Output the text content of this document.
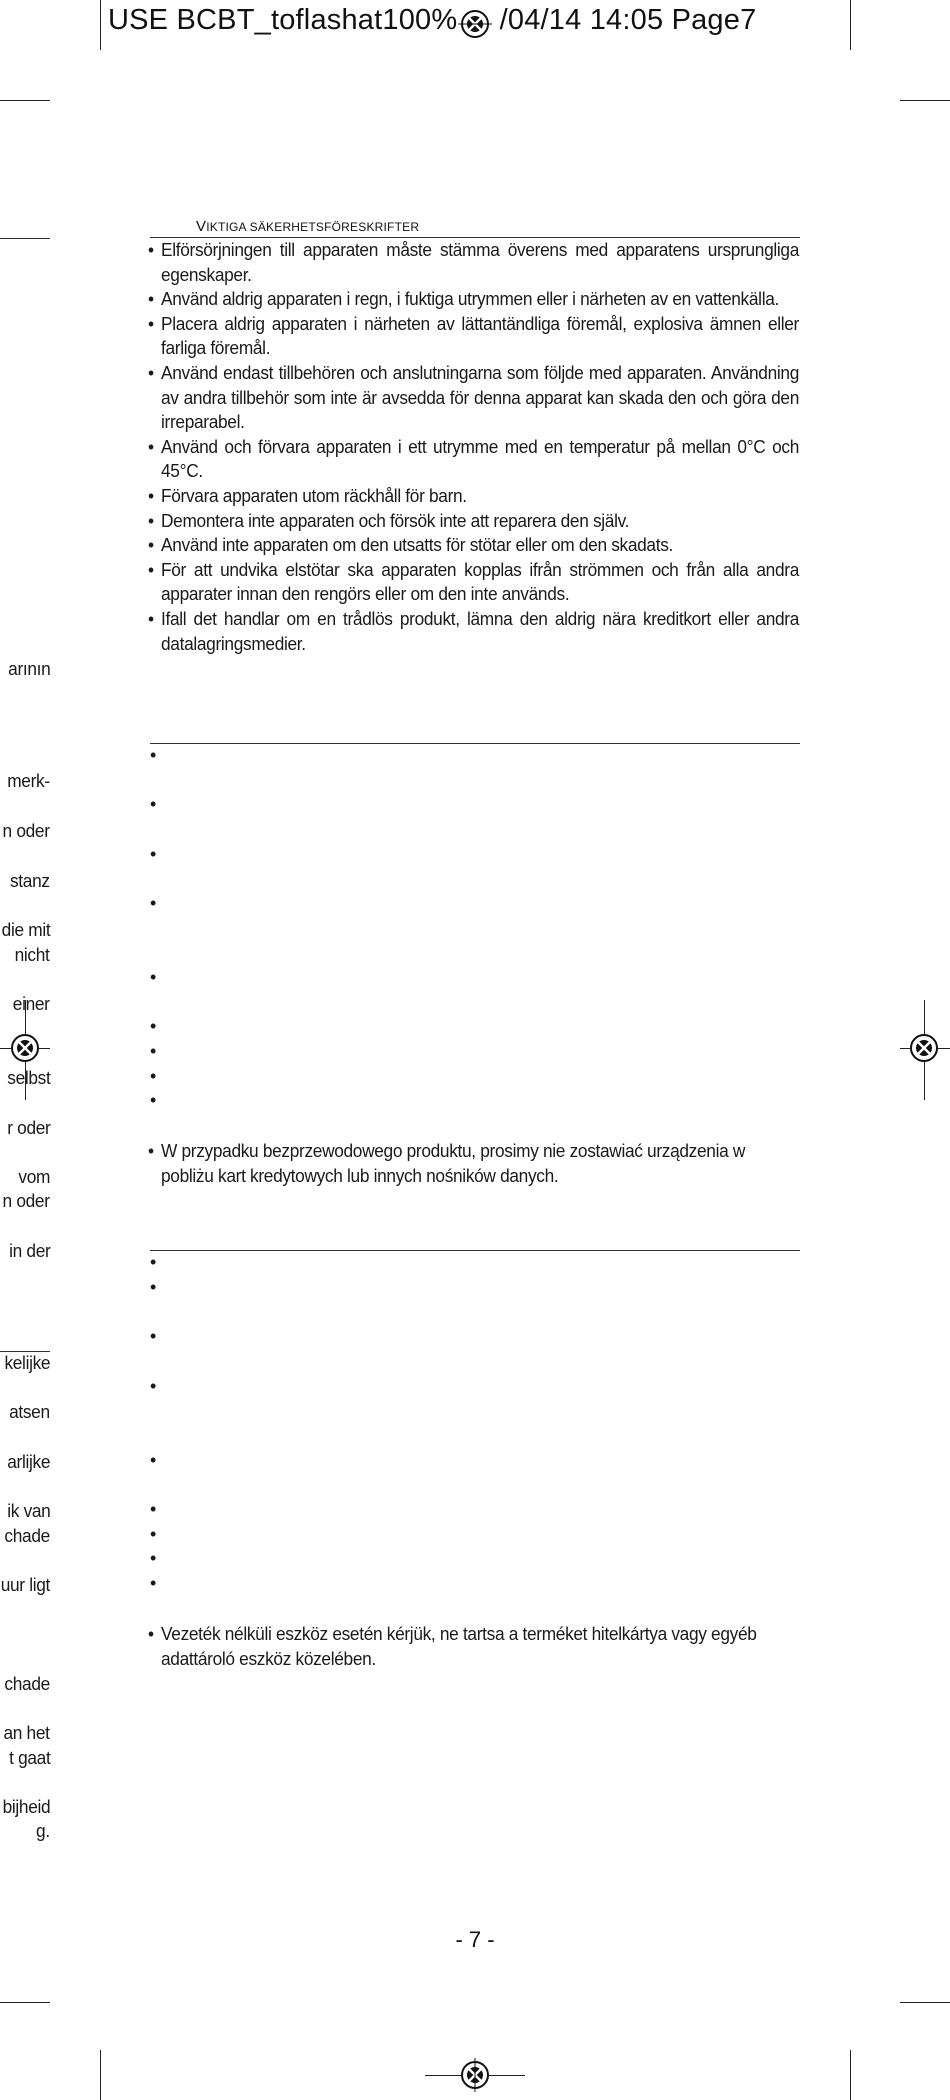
USE BCBT_toflashat100% /04/14 14:05 Page7
arının
merk-
n oder
stanz
die mit
nicht
einer
selbst
r oder
vom
n oder
in der
kelijke
atsen
arlijke
ik van
chade
uur ligt
chade
an het
t gaat
bijheid
g.
VIKTIGA SÄKERHETSFÖRESKRIFTER
• Elförsörjningen till apparaten måste stämma överens med apparatens ursprungliga egenskaper.
• Använd aldrig apparaten i regn, i fuktiga utrymmen eller i närheten av en vattenkälla.
• Placera aldrig apparaten i närheten av lättantändliga föremål, explosiva ämnen eller farliga föremål.
• Använd endast tillbehören och anslutningarna som följde med apparaten. Användning av andra tillbehör som inte är avsedda för denna apparat kan skada den och göra den irreparabel.
• Använd och förvara apparaten i ett utrymme med en temperatur på mellan 0°C och 45°C.
• Förvara apparaten utom räckhåll för barn.
• Demontera inte apparaten och försök inte att reparera den själv.
• Använd inte apparaten om den utsatts för stötar eller om den skadats.
• För att undvika elstötar ska apparaten kopplas ifrån strömmen och från alla andra apparater innan den rengörs eller om den inte används.
• Ifall det handlar om en trådlös produkt, lämna den aldrig nära kreditkort eller andra datalagringsmedier.
•
•
•
•
•
•
•
•
•
• W przypadku bezprzewodowego produktu, prosimy nie zostawiać urządzenia w pobliżu kart kredytowych lub innych nośników danych.
•
•
•
•
•
•
•
•
•
• Vezeték nélküli eszköz esetén kérjük, ne tartsa a terméket hitelkártya vagy egyéb adattároló eszköz közelében.
- 7 -
